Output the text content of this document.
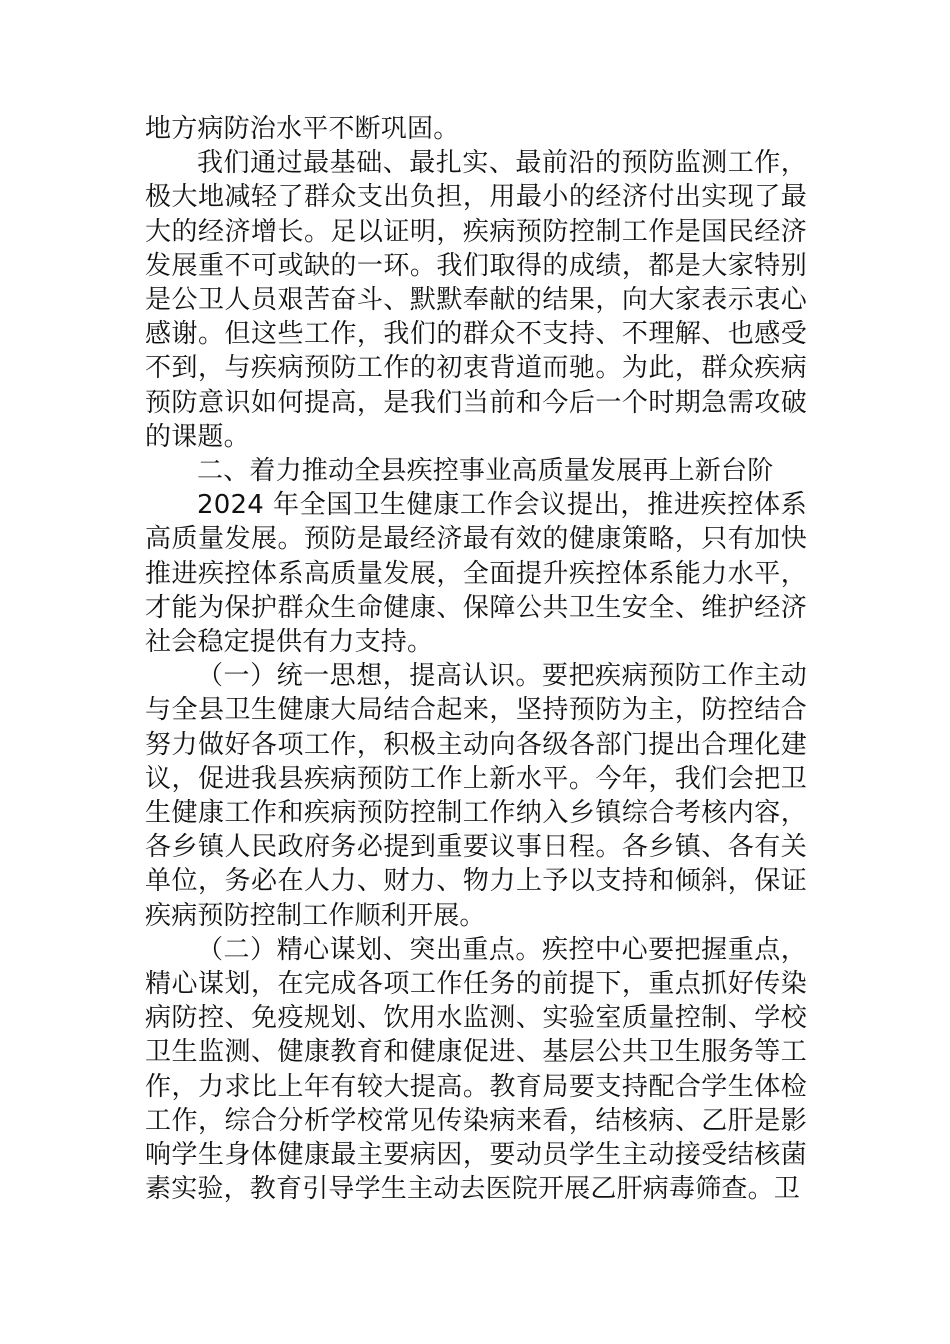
地方病防治水平不断巩固。

我们通过最基础、最扎实、最前沿的预防监测工作，极大地减轻了群众支出负担，用最小的经济付出实现了最大的经济增长。足以证明，疾病预防控制工作是国民经济发展重不可或缺的一环。我们取得的成绩，都是大家特别是公卫人员艰苦奋斗、默默奉献的结果，向大家表示衷心感谢。但这些工作，我们的群众不支持、不理解、也感受不到，与疾病预防工作的初衷背道而驰。为此，群众疾病预防意识如何提高，是我们当前和今后一个时期急需攻破的课题。

二、着力推动全县疾控事业高质量发展再上新台阶

2024 年全国卫生健康工作会议提出，推进疾控体系高质量发展。预防是最经济最有效的健康策略，只有加快推进疾控体系高质量发展，全面提升疾控体系能力水平，才能为保护群众生命健康、保障公共卫生安全、维护经济社会稳定提供有力支持。

（一）统一思想，提高认识。要把疾病预防工作主动与全县卫生健康大局结合起来，坚持预防为主，防控结合努力做好各项工作，积极主动向各级各部门提出合理化建议，促进我县疾病预防工作上新水平。今年，我们会把卫生健康工作和疾病预防控制工作纳入乡镇综合考核内容，各乡镇人民政府务必提到重要议事日程。各乡镇、各有关单位，务必在人力、财力、物力上予以支持和倾斜，保证疾病预防控制工作顺利开展。

（二）精心谋划、突出重点。疾控中心要把握重点，精心谋划，在完成各项工作任务的前提下，重点抓好传染病防控、免疫规划、饮用水监测、实验室质量控制、学校卫生监测、健康教育和健康促进、基层公共卫生服务等工作，力求比上年有较大提高。教育局要支持配合学生体检工作，综合分析学校常见传染病来看，结核病、乙肝是影响学生身体健康最主要病因，要动员学生主动接受结核菌素实验，教育引导学生主动去医院开展乙肝病毒筛查。卫
